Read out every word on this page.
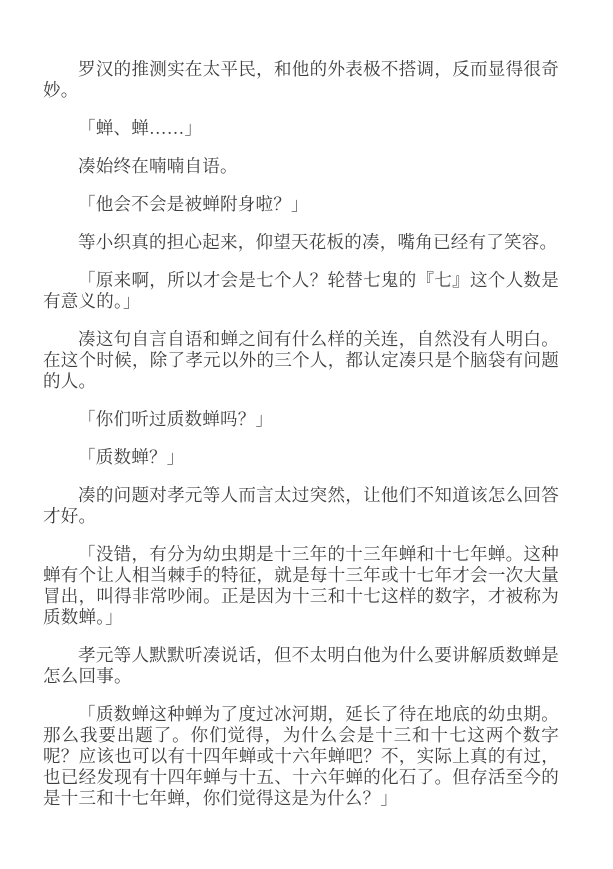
罗汉的推测实在太平民，和他的外表极不搭调，反而显得很奇妙。

「蝉、蝉……」

凑始终在喃喃自语。

「他会不会是被蝉附身啦？」

等小织真的担心起来，仰望天花板的凑，嘴角已经有了笑容。

「原来啊，所以才会是七个人？轮替七鬼的『七』这个人数是有意义的。」

凑这句自言自语和蝉之间有什么样的关连，自然没有人明白。在这个时候，除了孝元以外的三个人，都认定凑只是个脑袋有问题的人。

「你们听过质数蝉吗？」

「质数蝉？」

凑的问题对孝元等人而言太过突然，让他们不知道该怎么回答才好。

「没错，有分为幼虫期是十三年的十三年蝉和十七年蝉。这种蝉有个让人相当棘手的特征，就是每十三年或十七年才会一次大量冒出，叫得非常吵闹。正是因为十三和十七这样的数字，才被称为质数蝉。」

孝元等人默默听凑说话，但不太明白他为什么要讲解质数蝉是怎么回事。

「质数蝉这种蝉为了度过冰河期，延长了待在地底的幼虫期。那么我要出题了。你们觉得，为什么会是十三和十七这两个数字呢？应该也可以有十四年蝉或十六年蝉吧？不，实际上真的有过，也已经发现有十四年蝉与十五、十六年蝉的化石了。但存活至今的是十三和十七年蝉，你们觉得这是为什么？」
